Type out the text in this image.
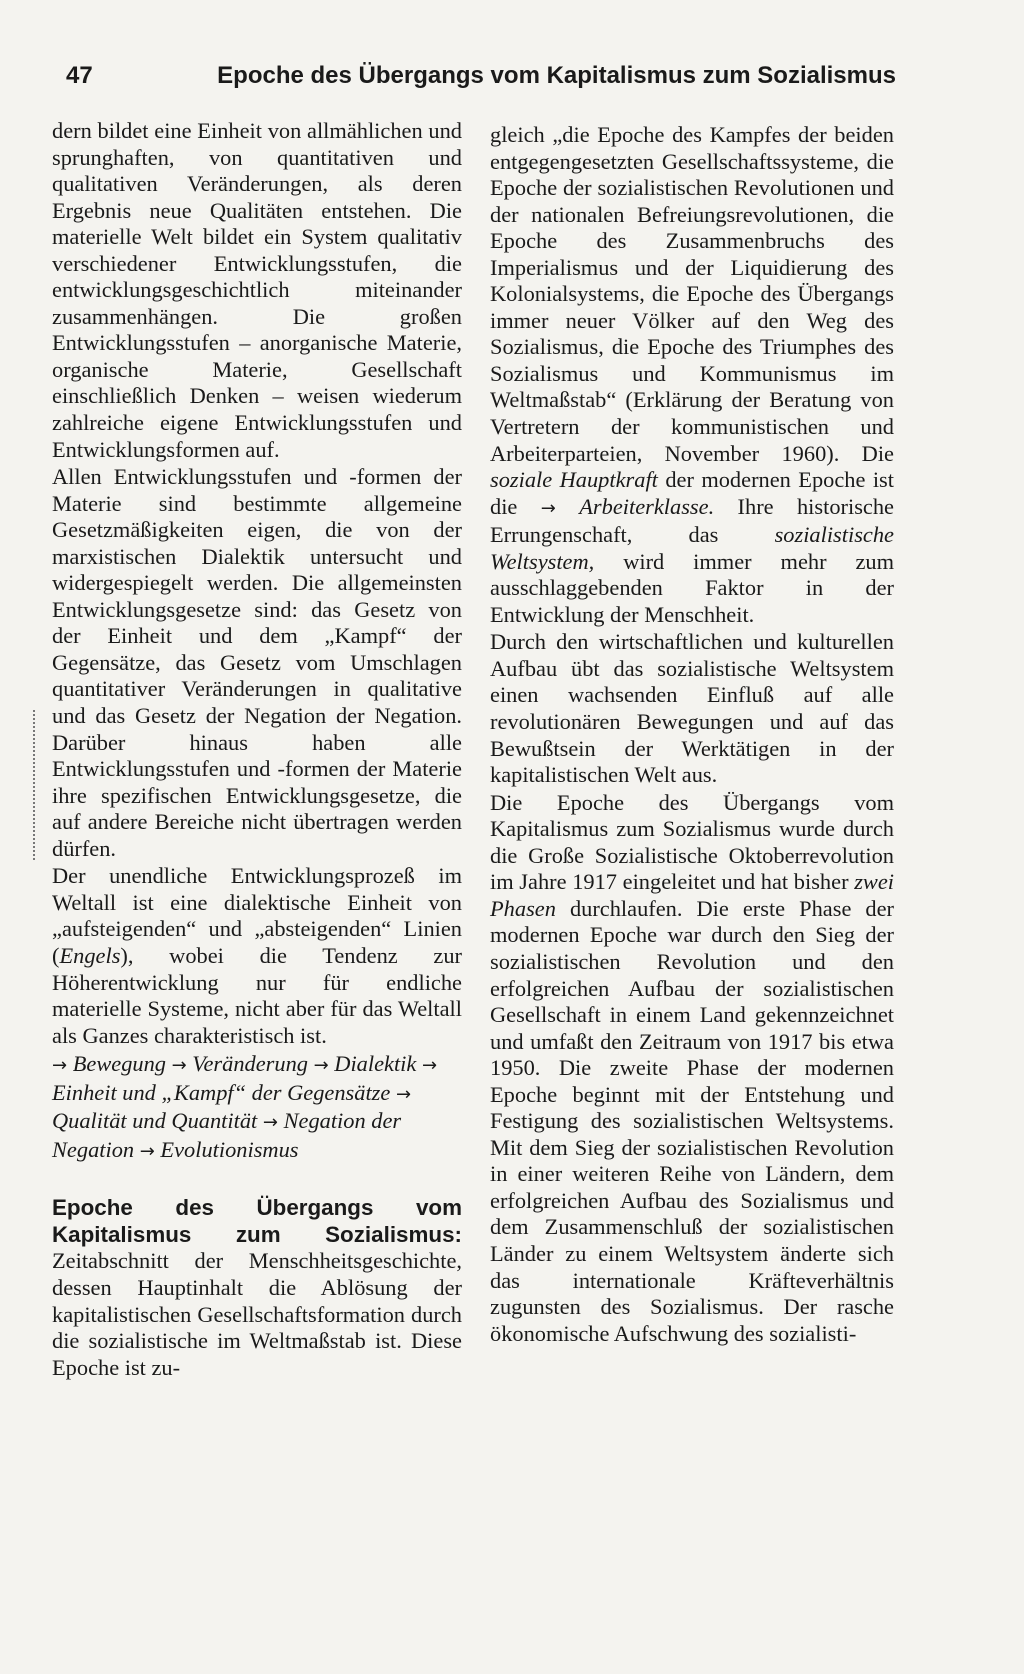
47	Epoche des Übergangs vom Kapitalismus zum Sozialismus

dern bildet eine Einheit von allmählichen und sprunghaften, von quantitativen und qualitativen Veränderungen, als deren Ergebnis neue Qualitäten entstehen. Die materielle Welt bildet ein System qualitativ verschiedener Entwicklungsstufen, die entwicklungsgeschichtlich miteinander zusammenhängen. Die großen Entwicklungsstufen – anorganische Materie, organische Materie, Gesellschaft einschließlich Denken – weisen wiederum zahlreiche eigene Entwicklungsstufen und Entwicklungsformen auf.

Allen Entwicklungsstufen und -formen der Materie sind bestimmte allgemeine Gesetzmäßigkeiten eigen, die von der marxistischen Dialektik untersucht und widergespiegelt werden. Die allgemeinsten Entwicklungsgesetze sind: das Gesetz von der Einheit und dem „Kampf“ der Gegensätze, das Gesetz vom Umschlagen quantitativer Veränderungen in qualitative und das Gesetz der Negation der Negation. Darüber hinaus haben alle Entwicklungsstufen und -formen der Materie ihre spezifischen Entwicklungsgesetze, die auf andere Bereiche nicht übertragen werden dürfen.

Der unendliche Entwicklungsprozeß im Weltall ist eine dialektische Einheit von „aufsteigenden“ und „absteigenden“ Linien (Engels), wobei die Tendenz zur Höherentwicklung nur für endliche materielle Systeme, nicht aber für das Weltall als Ganzes charakteristisch ist.

→ Bewegung → Veränderung → Dialektik → Einheit und „Kampf“ der Gegensätze → Qualität und Quantität → Negation der Negation → Evolutionismus

Epoche des Übergangs vom Kapitalismus zum Sozialismus: Zeitabschnitt der Menschheitsgeschichte, dessen Hauptinhalt die Ablösung der kapitalistischen Gesellschaftsformation durch die sozialistische im Weltmaßstab ist. Diese Epoche ist zu-

gleich „die Epoche des Kampfes der beiden entgegengesetzten Gesellschaftssysteme, die Epoche der sozialistischen Revolutionen und der nationalen Befreiungsrevolutionen, die Epoche des Zusammenbruchs des Imperialismus und der Liquidierung des Kolonialsystems, die Epoche des Übergangs immer neuer Völker auf den Weg des Sozialismus, die Epoche des Triumphes des Sozialismus und Kommunismus im Weltmaßstab“ (Erklärung der Beratung von Vertretern der kommunistischen und Arbeiterparteien, November 1960). Die soziale Hauptkraft der modernen Epoche ist die → Arbeiterklasse. Ihre historische Errungenschaft, das sozialistische Weltsystem, wird immer mehr zum ausschlaggebenden Faktor in der Entwicklung der Menschheit.

Durch den wirtschaftlichen und kulturellen Aufbau übt das sozialistische Weltsystem einen wachsenden Einfluß auf alle revolutionären Bewegungen und auf das Bewußtsein der Werktätigen in der kapitalistischen Welt aus.

Die Epoche des Übergangs vom Kapitalismus zum Sozialismus wurde durch die Große Sozialistische Oktoberrevolution im Jahre 1917 eingeleitet und hat bisher zwei Phasen durchlaufen. Die erste Phase der modernen Epoche war durch den Sieg der sozialistischen Revolution und den erfolgreichen Aufbau der sozialistischen Gesellschaft in einem Land gekennzeichnet und umfaßt den Zeitraum von 1917 bis etwa 1950. Die zweite Phase der modernen Epoche beginnt mit der Entstehung und Festigung des sozialistischen Weltsystems. Mit dem Sieg der sozialistischen Revolution in einer weiteren Reihe von Ländern, dem erfolgreichen Aufbau des Sozialismus und dem Zusammenschluß der sozialistischen Länder zu einem Weltsystem änderte sich das internationale Kräfteverhältnis zugunsten des Sozialismus. Der rasche ökonomische Aufschwung des sozialisti-
